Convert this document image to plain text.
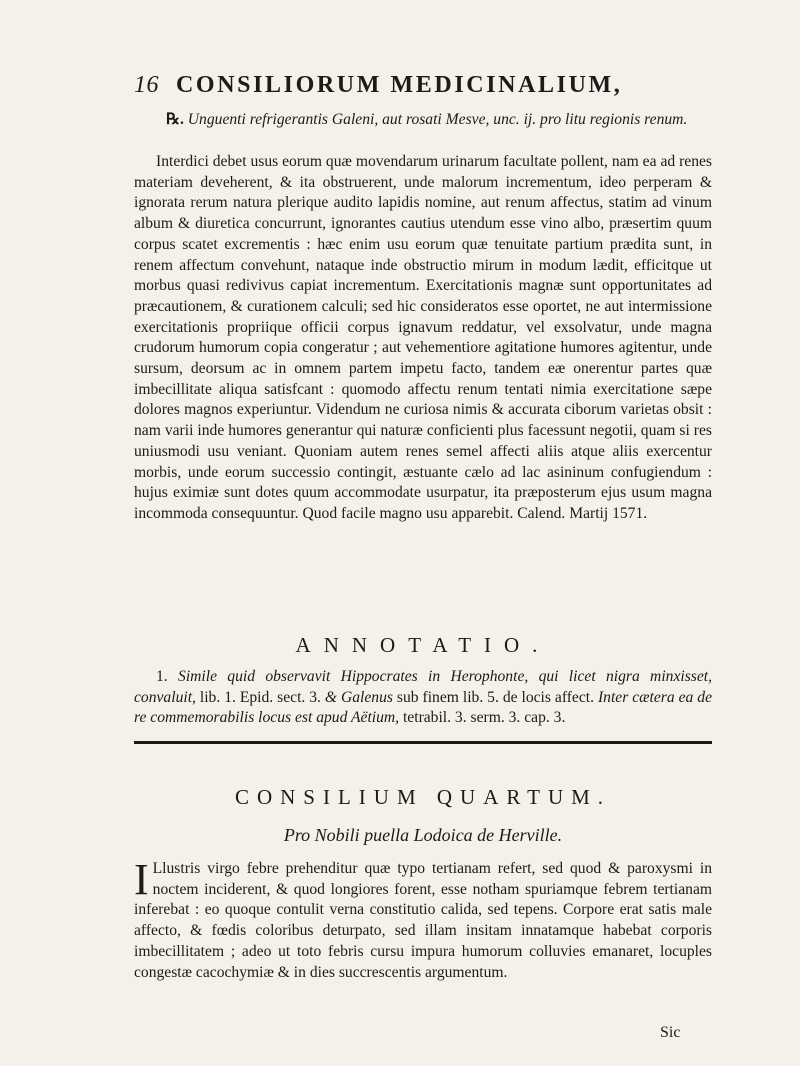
16 CONSILIORUM MEDICINALIUM,
℞. Unguenti refrigerantis Galeni, aut rosati Mesve, unc. ij. pro litu regionis renum.
Interdici debet usus eorum quæ movendarum urinarum facultate pollent, nam ea ad renes materiam deveherent, & ita obstruerent, unde malorum incrementum, ideo perperam & ignorata rerum natura plerique audito lapidis nomine, aut renum affectus, statim ad vinum album & diuretica concurrunt, ignorantes cautius utendum esse vino albo, præsertim quum corpus scatet excrementis : hæc enim usu eorum quæ tenuitate partium prædita sunt, in renem affectum convehunt, nataque inde obstructio mirum in modum lædit, efficitque ut morbus quasi redivivus capiat incrementum. Exercitationis magnæ sunt opportunitates ad præcautionem, & curationem calculi; sed hic consideratos esse oportet, ne aut intermissione exercitationis propriique officii corpus ignavum reddatur, vel exsolvatur, unde magna crudorum humorum copia congeratur ; aut vehementiore agitatione humores agitentur, unde sursum, deorsum ac in omnem partem impetu facto, tandem eæ onerentur partes quæ imbecillitate aliqua satisfcant : quomodo affectu renum tentati nimia exercitatione sæpe dolores magnos experiuntur. Videndum ne curiosa nimis & accurata ciborum varietas obsit : nam varii inde humores generantur qui naturæ conficienti plus facessunt negotii, quam si res uniusmodi usu veniant. Quoniam autem renes semel affecti aliis atque aliis exercentur morbis, unde eorum successio contingit, æstuante cælo ad lac asininum confugiendum : hujus eximiæ sunt dotes quum accommodate usurpatur, ita præposterum ejus usum magna incommoda consequuntur. Quod facile magno usu apparebit. Calend. Martij 1571.
ANNOTATIO.
1. Simile quid observavit Hippocrates in Herophonte, qui licet nigra minxisset, convaluit, lib. 1. Epid. sect. 3. & Galenus sub finem lib. 5. de locis affect. Inter cætera ea de re commemorabilis locus est apud Aëtium, tetrabil. 3. serm. 3. cap. 3.
CONSILIUM QUARTUM.
Pro Nobili puella Lodoica de Herville.
I Llustris virgo febre prehenditur quæ typo tertianam refert, sed quod & paroxysmi in noctem inciderent, & quod longiores forent, esse notham spuriamque febrem tertianam inferebat : eo quoque contulit verna constitutio calida, sed tepens. Corpore erat satis male affecto, & fœdis coloribus deturpato, sed illam insitam innatamque habebat corporis imbecillitatem ; adeo ut toto febris cursu impura humorum colluvies emanaret, locuples congestæ cacochymiæ & in dies succrescentis argumentum.
Sic
